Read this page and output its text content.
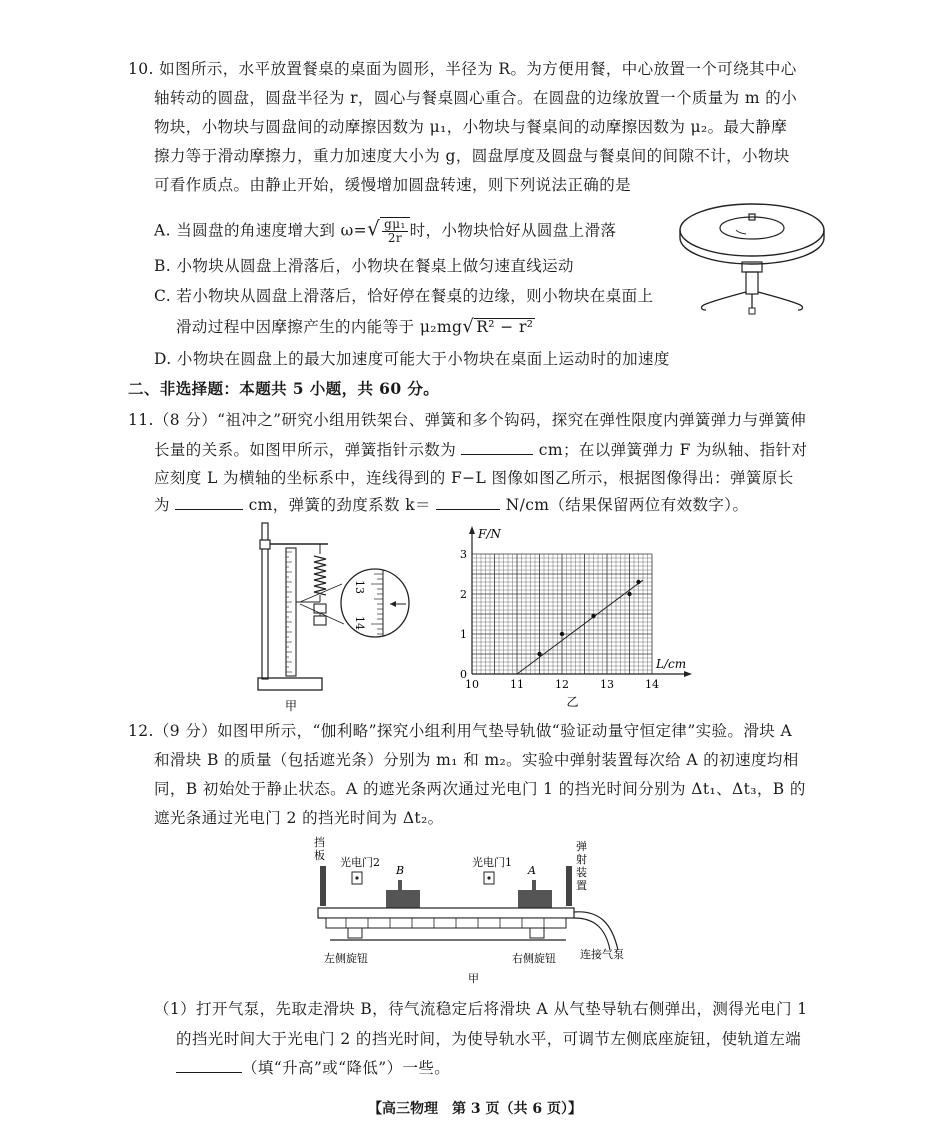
10. 如图所示，水平放置餐桌的桌面为圆形，半径为 R。为方便用餐，中心放置一个可绕其中心
轴转动的圆盘，圆盘半径为 r，圆心与餐桌圆心重合。在圆盘的边缘放置一个质量为 m 的小
物块，小物块与圆盘间的动摩擦因数为 μ₁，小物块与餐桌间的动摩擦因数为 μ₂。最大静摩
擦力等于滑动摩擦力，重力加速度大小为 g，圆盘厚度及圆盘与餐桌间的间隙不计，小物块
可看作质点。由静止开始，缓慢增加圆盘转速，则下列说法正确的是
A. 当圆盘的角速度增大到 $\omega=√ \frac{\text{gμ₁}}{2r}$ 时，小物块恰好从圆盘上滑落
B. 小物块从圆盘上滑落后，小物块在餐桌上做匀速直线运动
C. 若小物块从圆盘上滑落后，恰好停在餐桌的边缘，则小物块在桌面上
滑动过程中因摩擦产生的内能等于 μ₂mg√ R² − r²
D. 小物块在圆盘上的最大加速度可能大于小物块在桌面上运动时的加速度
二、非选择题：本题共 5 小题，共 60 分。
11.（8 分）“祖冲之”研究小组用铁架台、弹簧和多个钩码，探究在弹性限度内弹簧弹力与弹簧伸
长量的关系。如图甲所示，弹簧指针示数为	cm；在以弹簧弹力 F 为纵轴、指针对
应刻度 L 为横轴的坐标系中，连线得到的 F−L 图像如图乙所示，根据图像得出：弹簧原长
为	cm，弹簧的劲度系数 k＝	N/cm（结果保留两位有效数字）。
13
14
甲
L/cm
F/N
10	11	12	13	14
0
1
2
3
乙
12.（9 分）如图甲所示，“伽利略”探究小组利用气垫导轨做“验证动量守恒定律”实验。滑块 A
和滑块 B 的质量（包括遮光条）分别为 m₁ 和 m₂。实验中弹射装置每次给 A 的初速度均相
同，B 初始处于静止状态。A 的遮光条两次通过光电门 1 的挡光时间分别为 Δt₁、Δt₃，B 的
遮光条通过光电门 2 的挡光时间为 Δt₂。
挡
板
光电门2	光电门1
B	A
弹
射
装
置
左侧旋钮	右侧旋钮 连接气泵
甲
（1）打开气泵，先取走滑块 B，待气流稳定后将滑块 A 从气垫导轨右侧弹出，测得光电门 1
的挡光时间大于光电门 2 的挡光时间，为使导轨水平，可调节左侧底座旋钮，使轨道左端
（填“升高”或“降低”）一些。
【高三物理　第 3 页（共 6 页）】
